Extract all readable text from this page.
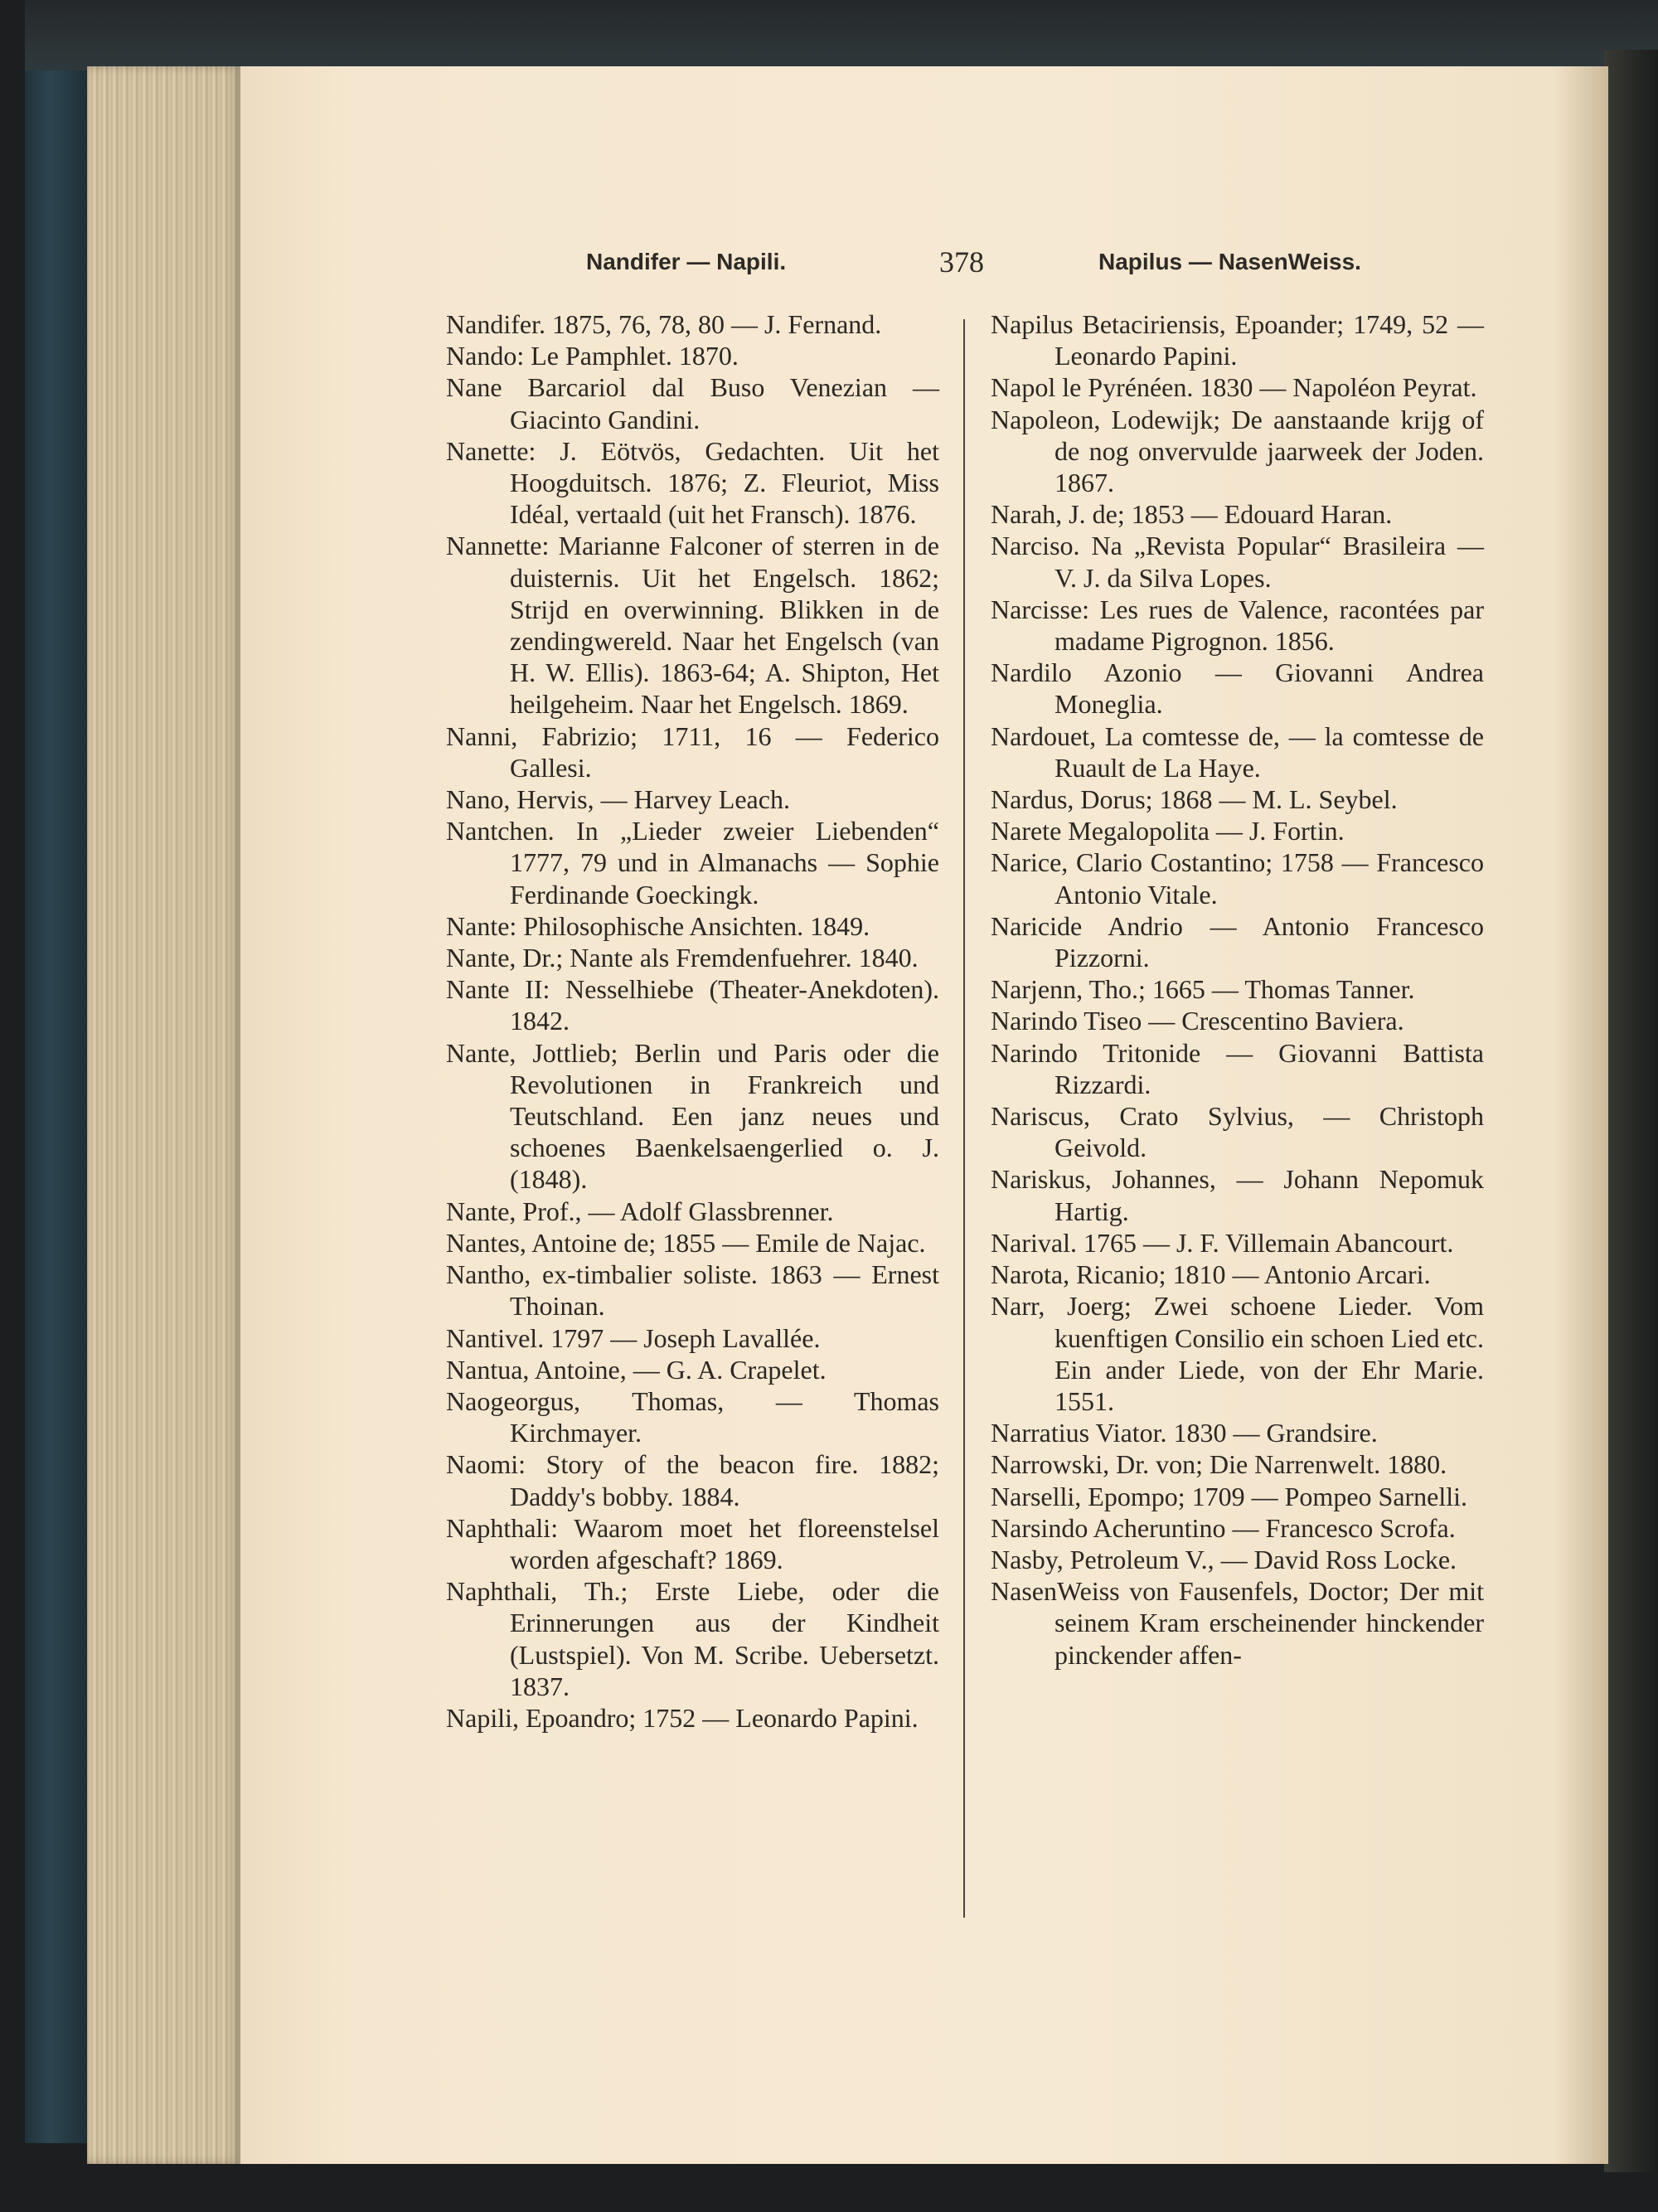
Nandifer — Napili.	378	Napilus — NasenWeiss.

Nandifer. 1875, 76, 78, 80 — J. Fernand.

Nando: Le Pamphlet. 1870.

Nane Barcariol dal Buso Venezian — Giacinto Gandini.

Nanette: J. Eötvös, Gedachten. Uit het Hoogduitsch. 1876; Z. Fleuriot, Miss Idéal, vertaald (uit het Fransch). 1876.

Nannette: Marianne Falconer of sterren in de duisternis. Uit het Engelsch. 1862; Strijd en overwinning. Blikken in de zendingwereld. Naar het Engelsch (van H. W. Ellis). 1863-64; A. Shipton, Het heilgeheim. Naar het Engelsch. 1869.

Nanni, Fabrizio; 1711, 16 — Federico Gallesi.

Nano, Hervis, — Harvey Leach.

Nantchen. In „Lieder zweier Liebenden“ 1777, 79 und in Almanachs — Sophie Ferdinande Goeckingk.

Nante: Philosophische Ansichten. 1849.

Nante, Dr.; Nante als Fremdenfuehrer. 1840.

Nante II: Nesselhiebe (Theater-Anekdoten). 1842.

Nante, Jottlieb; Berlin und Paris oder die Revolutionen in Frankreich und Teutschland. Een janz neues und schoenes Baenkelsaengerlied o. J. (1848).

Nante, Prof., — Adolf Glassbrenner.

Nantes, Antoine de; 1855 — Emile de Najac.

Nantho, ex-timbalier soliste. 1863 — Ernest Thoinan.

Nantivel. 1797 — Joseph Lavallée.

Nantua, Antoine, — G. A. Crapelet.

Naogeorgus, Thomas, — Thomas Kirchmayer.

Naomi: Story of the beacon fire. 1882; Daddy's bobby. 1884.

Naphthali: Waarom moet het floreenstelsel worden afgeschaft? 1869.

Naphthali, Th.; Erste Liebe, oder die Erinnerungen aus der Kindheit (Lustspiel). Von M. Scribe. Uebersetzt. 1837.

Napili, Epoandro; 1752 — Leonardo Papini.

Napilus Betaciriensis, Epoander; 1749, 52 — Leonardo Papini.

Napol le Pyrénéen. 1830 — Napoléon Peyrat.

Napoleon, Lodewijk; De aanstaande krijg of de nog onvervulde jaarweek der Joden. 1867.

Narah, J. de; 1853 — Edouard Haran.

Narciso. Na „Revista Popular“ Brasileira — V. J. da Silva Lopes.

Narcisse: Les rues de Valence, racontées par madame Pigrognon. 1856.

Nardilo Azonio — Giovanni Andrea Moneglia.

Nardouet, La comtesse de, — la comtesse de Ruault de La Haye.

Nardus, Dorus; 1868 — M. L. Seybel.

Narete Megalopolita — J. Fortin.

Narice, Clario Costantino; 1758 — Francesco Antonio Vitale.

Naricide Andrio — Antonio Francesco Pizzorni.

Narjenn, Tho.; 1665 — Thomas Tanner.

Narindo Tiseo — Crescentino Baviera.

Narindo Tritonide — Giovanni Battista Rizzardi.

Nariscus, Crato Sylvius, — Christoph Geivold.

Nariskus, Johannes, — Johann Nepomuk Hartig.

Narival. 1765 — J. F. Villemain Abancourt.

Narota, Ricanio; 1810 — Antonio Arcari.

Narr, Joerg; Zwei schoene Lieder. Vom kuenftigen Consilio ein schoen Lied etc. Ein ander Liede, von der Ehr Marie. 1551.

Narratius Viator. 1830 — Grandsire.

Narrowski, Dr. von; Die Narrenwelt. 1880.

Narselli, Epompo; 1709 — Pompeo Sarnelli.

Narsindo Acheruntino — Francesco Scrofa.

Nasby, Petroleum V., — David Ross Locke.

NasenWeiss von Fausenfels, Doctor; Der mit seinem Kram erscheinender hinckender pinckender affen-
